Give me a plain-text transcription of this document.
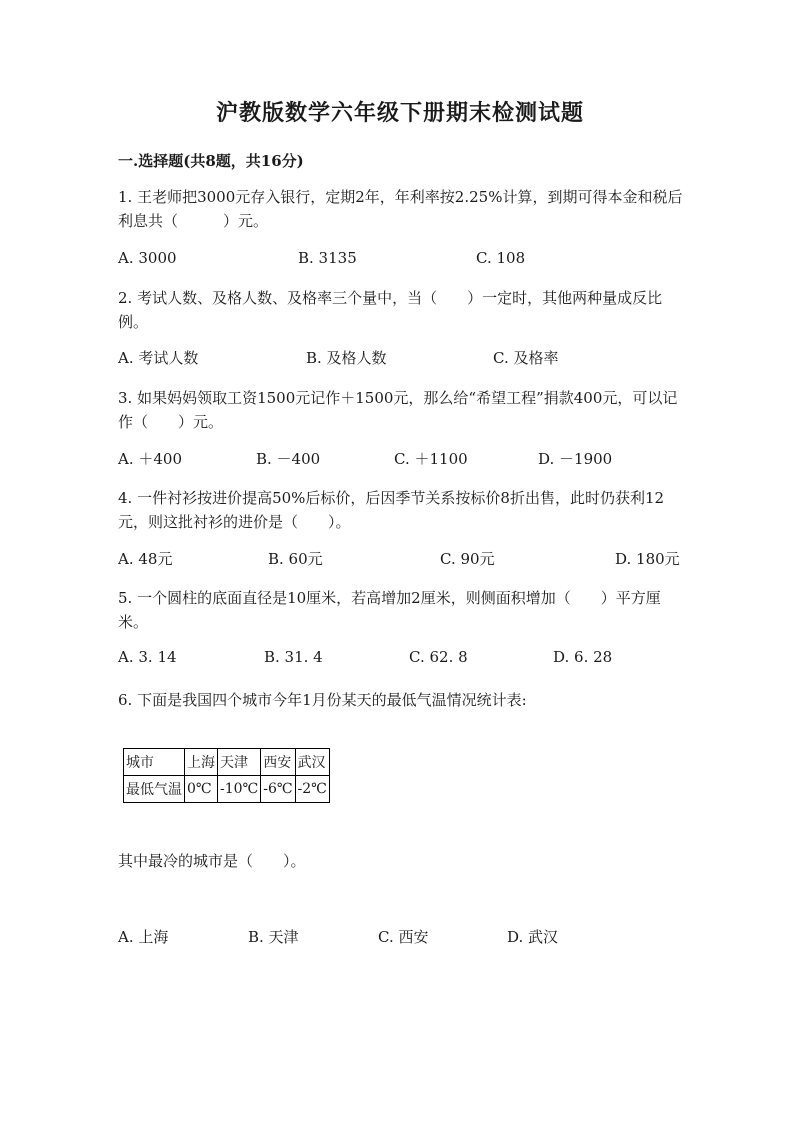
沪教版数学六年级下册期末检测试题
一.选择题(共8题，共16分)
1. 王老师把3000元存入银行，定期2年，年利率按2.25%计算，到期可得本金和税后利息共（　　　）元。
A. 3000	B. 3135	C. 108
2. 考试人数、及格人数、及格率三个量中，当（　　）一定时，其他两种量成反比例。
A. 考试人数	B. 及格人数	C. 及格率
3. 如果妈妈领取工资1500元记作＋1500元，那么给“希望工程”捐款400元，可以记作（　　）元。
A. ＋400	B. －400	C. ＋1100	D. －1900
4. 一件衬衫按进价提高50%后标价，后因季节关系按标价8折出售，此时仍获利12元，则这批衬衫的进价是（　　）。
A. 48元	B. 60元	C. 90元	D. 180元
5. 一个圆柱的底面直径是10厘米，若高增加2厘米，则侧面积增加（　　）平方厘米。
A. 3. 14	B. 31. 4	C. 62. 8	D. 6. 28
6. 下面是我国四个城市今年1月份某天的最低气温情况统计表:
城市	上海	天津	西安	武汉
最低气温	0℃	-10℃	-6℃	-2℃
其中最冷的城市是（　　）。
A. 上海	B. 天津	C. 西安	D. 武汉
